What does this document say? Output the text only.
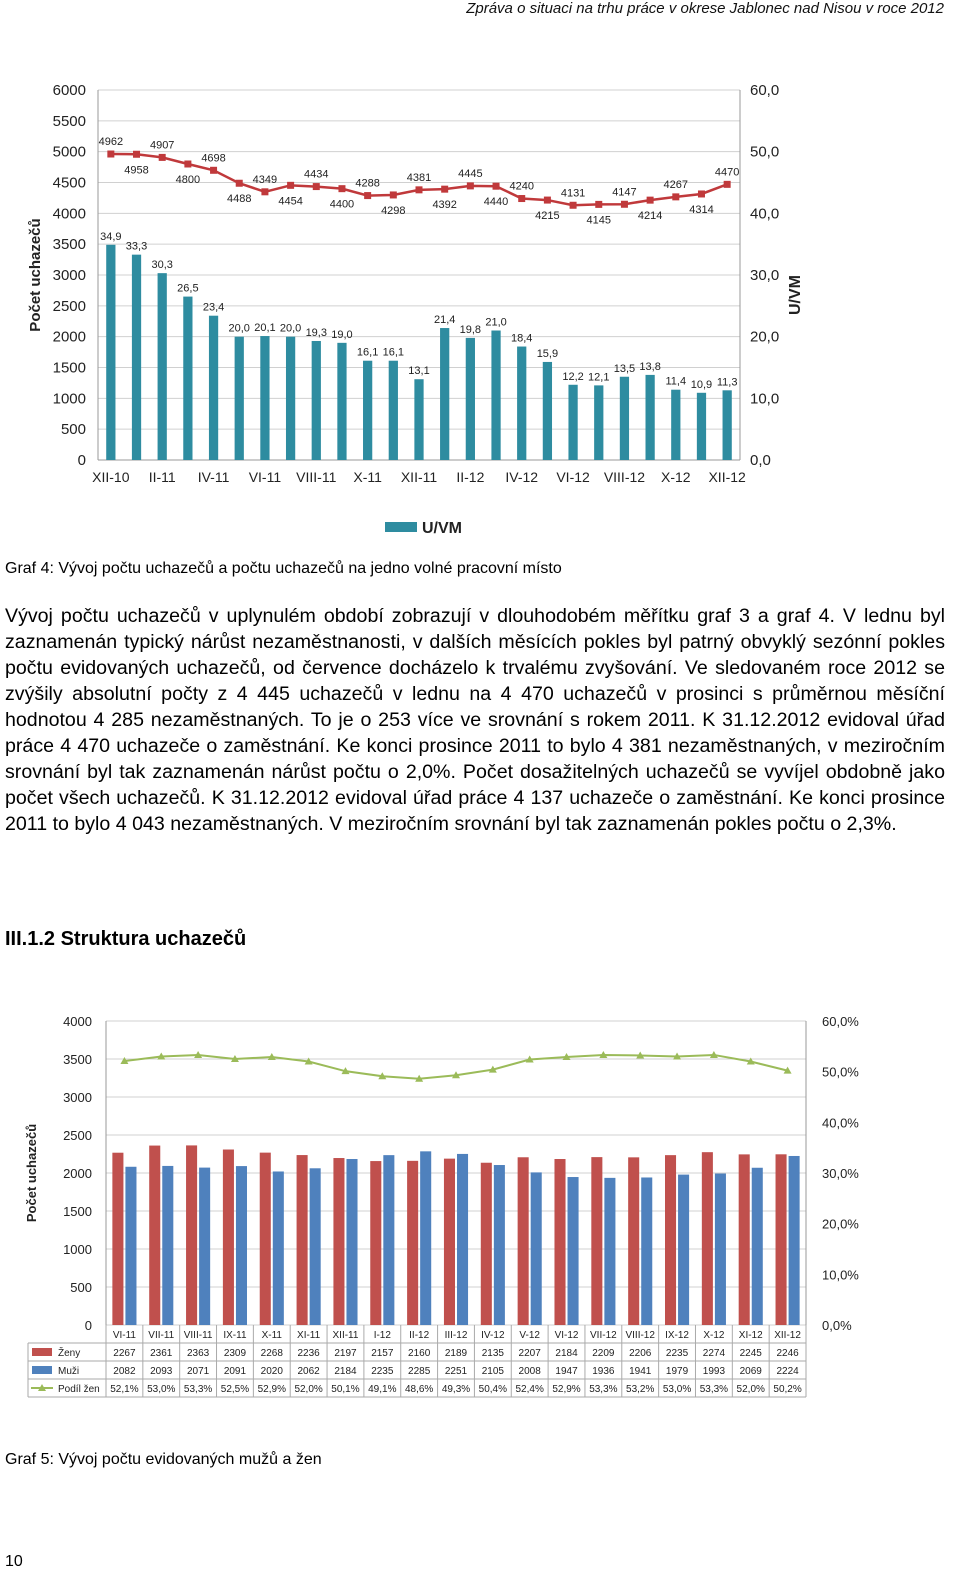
Zpráva o situaci na trhu práce v okrese Jablonec nad Nisou v roce 2012
0
500
1000
1500
2000
2500
3000
3500
4000
4500
5000
5500
6000
0,0
10,0
20,0
30,0
40,0
50,0
60,0
Počet uchazečů	U/VM
34,9
33,3
30,3
26,5
23,4
20,0 20,1 20,0 19,3 19,0
16,1 16,1
13,1
21,4
19,8
21,0
18,4
15,9
12,2 12,1
13,5 13,8
11,4 10,9 11,3
4962
4958
4907
4800
4698
4488
4349
4454
4434
4400
4288
4298
4381
4392
4445
4440
4240
4215
4131
4145
4147
4214
4267
4314
4470
XII-10 II-11 IV-11 VI-11 VIII-11 X-11 XII-11 II-12 IV-12 VI-12 VIII-12 X-12 XII-12
U/VM
Graf 4: Vývoj počtu uchazečů a počtu uchazečů na jedno volné pracovní místo

Vývoj počtu uchazečů v uplynulém období zobrazují v dlouhodobém měřítku graf 3 a graf 4. V lednu byl zaznamenán typický nárůst nezaměstnanosti, v dalších měsících pokles byl patrný obvyklý sezónní pokles počtu evidovaných uchazečů, od července docházelo k trvalému zvyšování. Ve sledovaném roce 2012 se zvýšily absolutní počty z 4 445 uchazečů v lednu na 4 470 uchazečů v prosinci s průměrnou měsíční hodnotou 4 285 nezaměstnaných. To je o 253 více ve srovnání s rokem 2011. K 31.12.2012 evidoval úřad práce 4 470 uchazeče o zaměstnání. Ke konci prosince 2011 to bylo 4 381 nezaměstnaných, v meziročním srovnání byl tak zaznamenán nárůst počtu o 2,0%. Počet dosažitelných uchazečů se vyvíjel obdobně jako počet všech uchazečů. K 31.12.2012 evidoval úřad práce 4 137 uchazeče o zaměstnání. Ke konci prosince 2011 to bylo 4 043 nezaměstnaných. V meziročním srovnání byl tak zaznamenán pokles počtu o 2,3%.

III.1.2 Struktura uchazečů
0
500
1000
1500
2000
2500
3000
3500
4000
0,0%
10,0%
20,0%
30,0%
40,0%
50,0%
60,0%
Počet uchazečů
VI-11 VII-11 VIII-11 IX-11 X-11 XI-11 XII-11 I-12 II-12 III-12 IV-12 V-12 VI-12 VII-12 VIII-12 IX-12 X-12 XI-12 XII-12
Ženy	2267 2361 2363 2309 2268 2236 2197 2157 2160 2189 2135 2207 2184 2209 2206 2235 2274 2245 2246
Muži	2082 2093 2071 2091 2020 2062 2184 2235 2285 2251 2105 2008 1947 1936 1941 1979 1993 2069 2224
Podíl žen 52,1% 53,0% 53,3% 52,5% 52,9% 52,0% 50,1% 49,1% 48,6% 49,3% 50,4% 52,4% 52,9% 53,3% 53,2% 53,0% 53,3% 52,0% 50,2%
Graf 5: Vývoj počtu evidovaných mužů a žen
10
